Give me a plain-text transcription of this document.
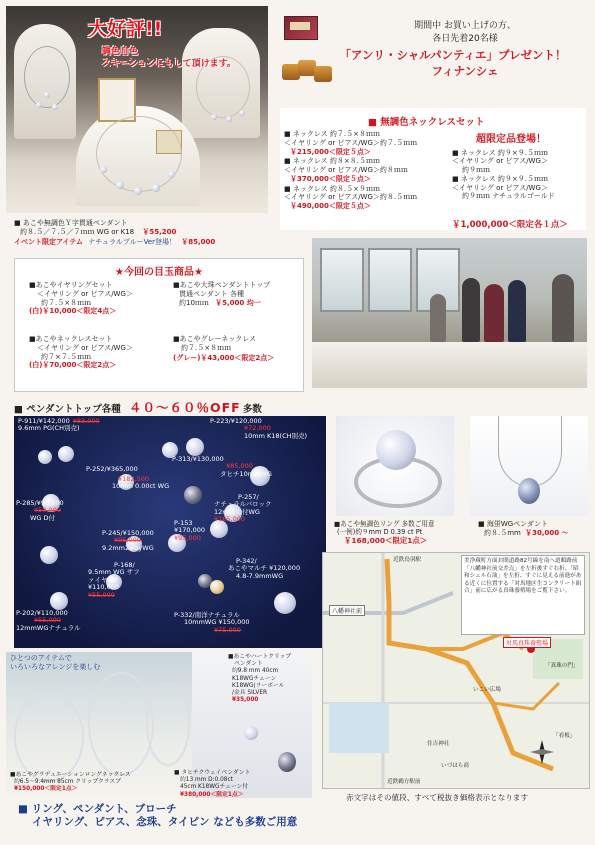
大好評!!
調色自色
スキーションにもして頂けます。
■ あこや無調色Ｙ字貫通ペンダント
約８.５／７.５／７ｍｍ WG or K18 ￥55,200
イベント限定アイテム ナチュラルブルーVer登場！ ￥85,000
期間中 お買い上げの方、
各日先着20名様
「アンリ・シャルパンティエ」プレゼント！
フィナンシェ
■ 無調色ネックレスセット
■ ネックレス 約７.５×８ｍｍ
＜イヤリング or ピアス/WG＞約７.５ｍｍ
￥215,000＜限定５点＞
■ ネックレス 約８×８.５ｍｍ
＜イヤリング or ピアス/WG＞約８ｍｍ
￥370,000＜限定５点＞
■ ネックレス 約８.５×９ｍｍ
＜イヤリング or ピアス/WG＞約８.５ｍｍ
￥490,000＜限定５点＞
超限定品登場！
■ ネックレス 約９×９.５ｍｍ
＜イヤリング or ピアス/WG＞
約９ｍｍ
■ ネックレス 約９×９.５ｍｍ
＜イヤリング or ピアス/WG＞
約９ｍｍ ナチュラルゴールド
￥1,000,000＜限定各１点＞
★今回の目玉商品★
■あこやイヤリングセット
＜イヤリング or ピアス/WG＞
約７.５×８ｍｍ
(白)￥10,000＜限定4点＞
■あこや大珠ペンダントトップ
貫通ペンダント 各種
約10ｍｍ ￥5,000 均一
■あこやネックレスセット
＜イヤリング or ピアス/WG＞
約７×７.５ｍｍ
(白)￥70,000＜限定2点＞
■あこやグレーネックレス
約７.５×８ｍｍ
(グレー)￥43,000＜限定2点＞
■ ペンダントトップ各種 ４０～６０％OFF 多数
P-911/¥142,000 ¥83,000
9.6mm PG(CH別売)
P-223/¥120,000
¥72,000
10mm K18(CH別売)
P-252/¥365,000
P-313/¥130,000
¥85,000
タヒチ10mmWG
¥182,500
10mm 0.00ct WG
P-285/¥90,000
¥50,000
WG D付
P-257/
ナチュラルバロック 12mm D付WG
¥165,000
P-245/¥150,000
¥95,000
9.2mm2wayWG
P-153
¥170,000
¥95,000
P-168/
9.5mm WG サファイヤ(D) ¥110,000
¥55,000
P-342/
あこやマルチ ¥120,000
4.8-7.9mmWG
P-202/¥110,000
¥55,000
12mmWGナチュラル
P-332/南洋ナチュラル
10mmWG ¥150,000
¥75,000
■あこや無調色リング 多数ご用意
(一例)約９mm D 0.39 ct Pt
￥168,000＜限定1点＞
■ 海蛍WGペンダント
約８.５mm ￥30,000 ～
美浄蔵町方面お間道路82号線を南へ道順路前「八幡神社前交差点」を左折後すぐ右折、「昭和シェル石油」を左折、すぐに見える前進がある近くに位置する「対馬地区生コンクリート組合」前に広がる真珠養殖場をご覧下さい。
近鉄鳥羽駅
八幡神社前
対馬真珠養殖場
住吉神社
いこい広場
いづはら商
「真珠の門」
「看板」
近鉄鵜方駅前
ひとつのアイテムで
いろいろなアレンジを楽しむ
■あこやハートクリップ
ペンダント
約9.8 mm 40cm
K18WGチェーン
K18WG(ラーボール
/金具 SILVER
¥35,000
■あこやグラデュエーションロングネックレス
約6.5～9.4mm 85cm クリップクラスプ
¥150,000＜限定1点＞
■ タヒチクウェイペンダント
約13 mm D:0.08ct
45cm K18WGチェーン付
¥380,000＜限定1点＞	赤文字はその値段、すべて税抜き価格表示となります
■ リング、ペンダント、ブローチ
イヤリング、ピアス、念珠、タイピン なども多数ご用意
